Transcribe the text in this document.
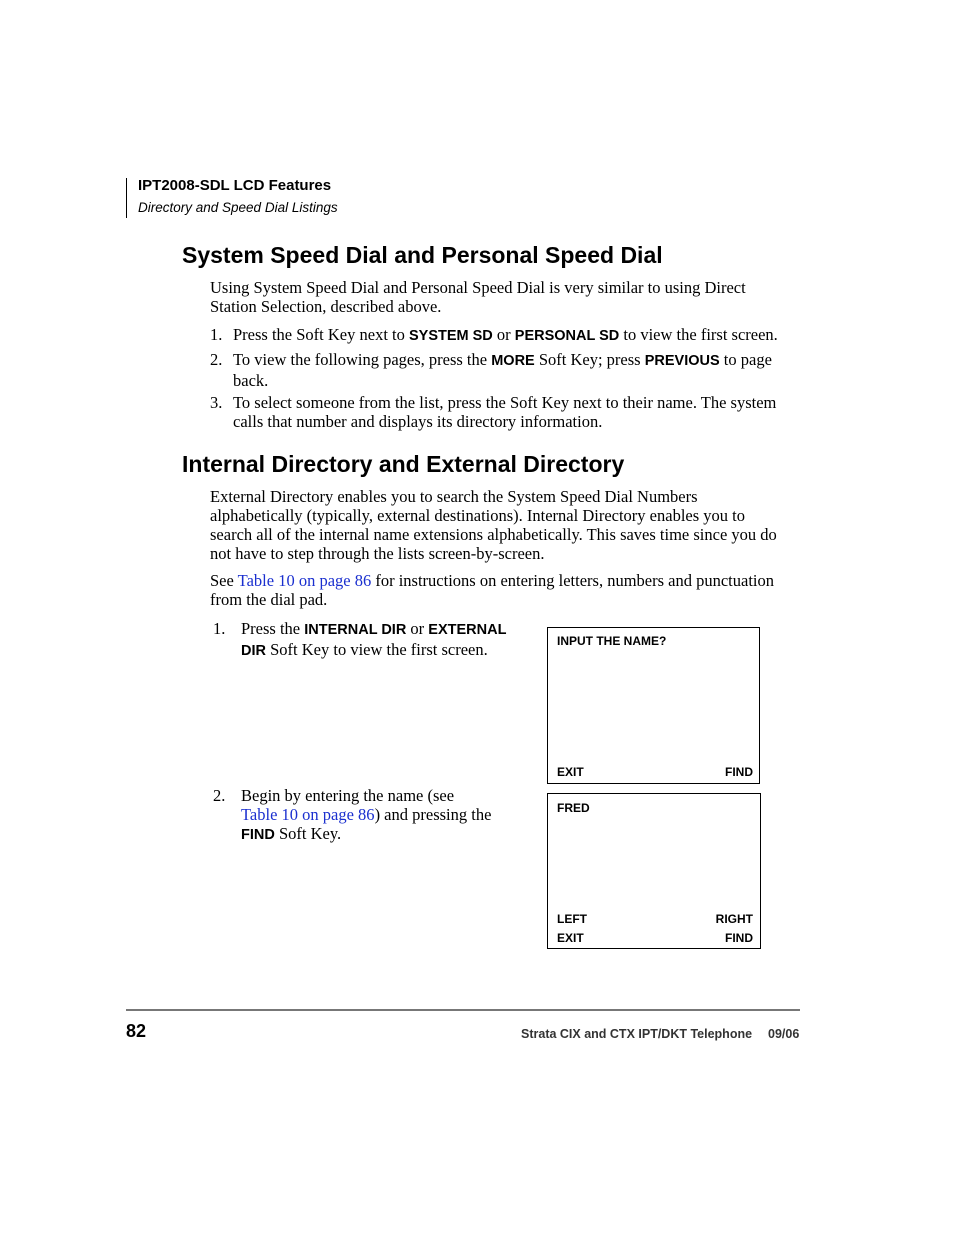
IPT2008-SDL LCD Features
Directory and Speed Dial Listings
System Speed Dial and Personal Speed Dial
Using System Speed Dial and Personal Speed Dial is very similar to using Direct
Station Selection, described above.
1. Press the Soft Key next to SYSTEM SD or PERSONAL SD to view the first screen.
2. To view the following pages, press the MORE Soft Key; press PREVIOUS to page
back.
3. To select someone from the list, press the Soft Key next to their name. The system
calls that number and displays its directory information.
Internal Directory and External Directory
External Directory enables you to search the System Speed Dial Numbers
alphabetically (typically, external destinations). Internal Directory enables you to
search all of the internal name extensions alphabetically. This saves time since you do
not have to step through the lists screen-by-screen.
See Table 10 on page 86 for instructions on entering letters, numbers and punctuation
from the dial pad.
1. Press the INTERNAL DIR or EXTERNAL
DIR Soft Key to view the first screen.
2. Begin by entering the name (see
Table 10 on page 86) and pressing the
FIND Soft Key.
INPUT THE NAME?
EXIT	FIND
FRED
LEFT	RIGHT
EXIT	FIND
82	Strata CIX and CTX IPT/DKT Telephone 09/06
